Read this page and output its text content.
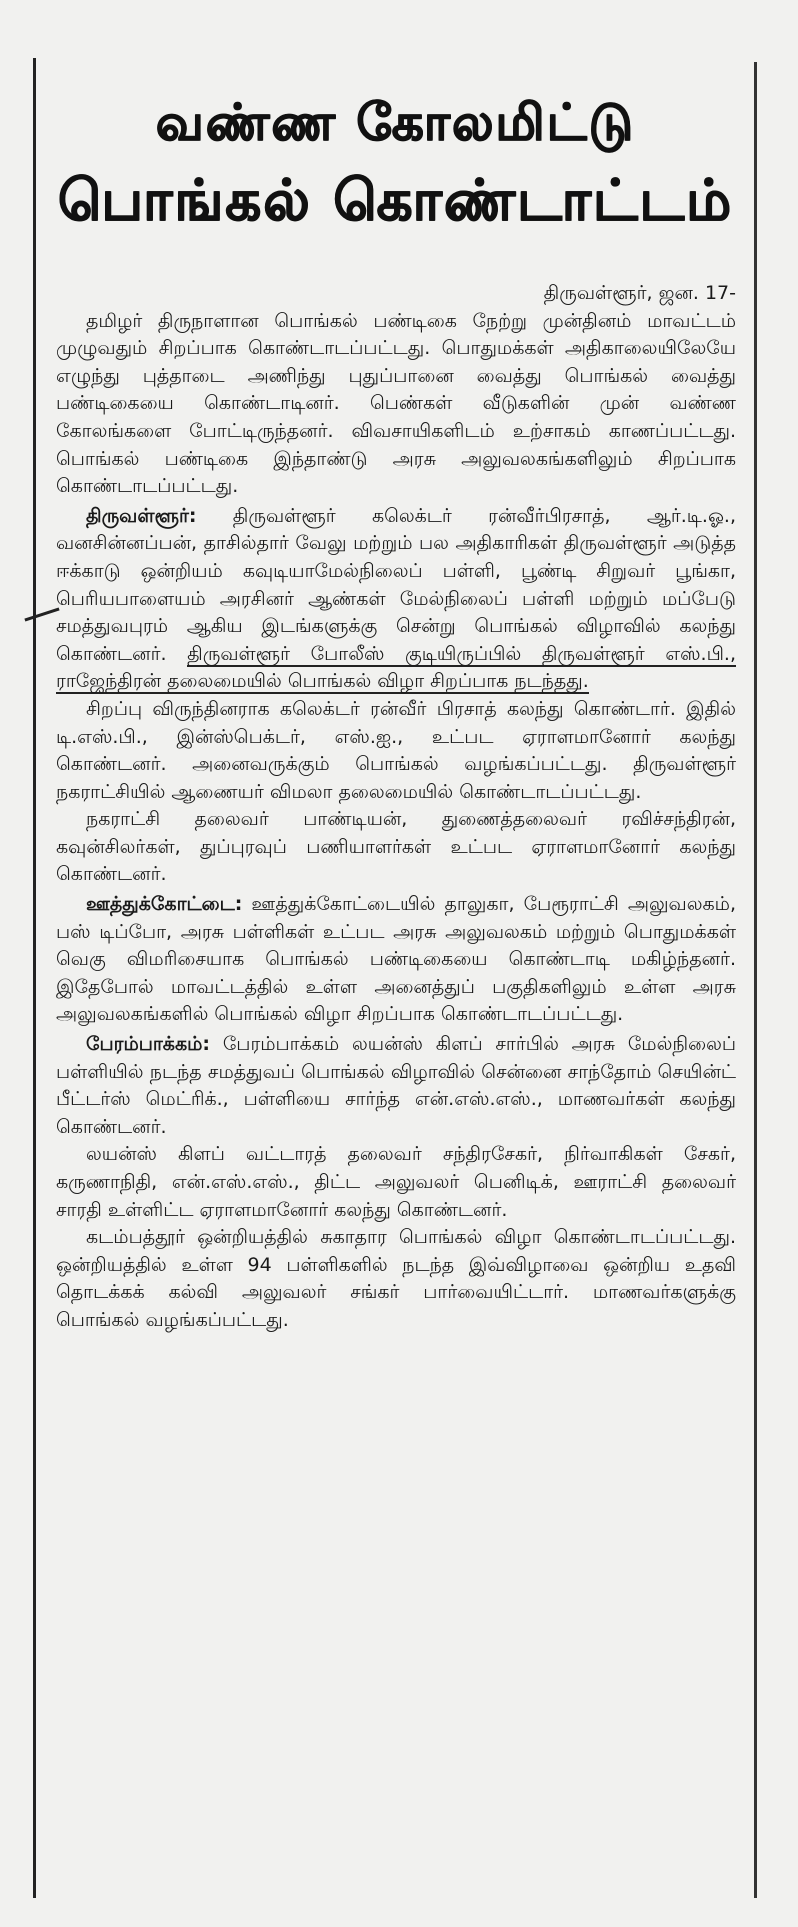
வண்ண கோலமிட்டு
பொங்கல் கொண்டாட்டம்

திருவள்ளூர், ஜன. 17-

தமிழர் திருநாளான பொங்கல் பண்டிகை நேற்று முன்தினம் மாவட்டம் முழுவதும் சிறப்பாக கொண்டாடப்பட்டது. பொதுமக்கள் அதிகாலையிலேயே எழுந்து புத்தாடை அணிந்து புதுப்பானை வைத்து பொங்கல் வைத்து பண்டிகையை கொண்டாடினர். பெண்கள் வீடுகளின் முன் வண்ண கோலங்களை போட்டிருந்தனர். விவசாயிகளிடம் உற்சாகம் காணப்பட்டது. பொங்கல் பண்டிகை இந்தாண்டு அரசு அலுவலகங்களிலும் சிறப்பாக கொண்டாடப்பட்டது.

திருவள்ளூர்: திருவள்ளூர் கலெக்டர் ரன்வீர்பிரசாத், ஆர்.டி.ஓ., வனசின்னப்பன், தாசில்தார் வேலு மற்றும் பல அதிகாரிகள் திருவள்ளூர் அடுத்த ஈக்காடு ஒன்றியம் கவுடியாமேல்நிலைப் பள்ளி, பூண்டி சிறுவர் பூங்கா, பெரியபாளையம் அரசினர் ஆண்கள் மேல்நிலைப் பள்ளி மற்றும் மப்பேடு சமத்துவபுரம் ஆகிய இடங்களுக்கு சென்று பொங்கல் விழாவில் கலந்து கொண்டனர். திருவள்ளூர் போலீஸ் குடியிருப்பில் திருவள்ளூர் எஸ்.பி., ராஜேந்திரன் தலைமையில் பொங்கல் விழா சிறப்பாக நடந்தது.

சிறப்பு விருந்தினராக கலெக்டர் ரன்வீர் பிரசாத் கலந்து கொண்டார். இதில் டி.எஸ்.பி., இன்ஸ்பெக்டர், எஸ்.ஐ., உட்பட ஏராளமானோர் கலந்து கொண்டனர். அனைவருக்கும் பொங்கல் வழங்கப்பட்டது. திருவள்ளூர் நகராட்சியில் ஆணையர் விமலா தலைமையில் கொண்டாடப்பட்டது.

நகராட்சி தலைவர் பாண்டியன், துணைத்தலைவர் ரவிச்சந்திரன், கவுன்சிலர்கள், துப்புரவுப் பணியாளர்கள் உட்பட ஏராளமானோர் கலந்து கொண்டனர்.

ஊத்துக்கோட்டை: ஊத்துக்கோட்டையில் தாலுகா, பேரூராட்சி அலுவலகம், பஸ் டிப்போ, அரசு பள்ளிகள் உட்பட அரசு அலுவலகம் மற்றும் பொதுமக்கள் வெகு விமரிசையாக பொங்கல் பண்டிகையை கொண்டாடி மகிழ்ந்தனர். இதேபோல் மாவட்டத்தில் உள்ள அனைத்துப் பகுதிகளிலும் உள்ள அரசு அலுவலகங்களில் பொங்கல் விழா சிறப்பாக கொண்டாடப்பட்டது.

பேரம்பாக்கம்: பேரம்பாக்கம் லயன்ஸ் கிளப் சார்பில் அரசு மேல்நிலைப் பள்ளியில் நடந்த சமத்துவப் பொங்கல் விழாவில் சென்னை சாந்தோம் செயின்ட் பீட்டர்ஸ் மெட்ரிக்., பள்ளியை சார்ந்த என்.எஸ்.எஸ்., மாணவர்கள் கலந்து கொண்டனர்.

லயன்ஸ் கிளப் வட்டாரத் தலைவர் சந்திரசேகர், நிர்வாகிகள் சேகர், கருணாநிதி, என்.எஸ்.எஸ்., திட்ட அலுவலர் பெனிடிக், ஊராட்சி தலைவர் சாரதி உள்ளிட்ட ஏராளமானோர் கலந்து கொண்டனர்.

கடம்பத்தூர் ஒன்றியத்தில் சுகாதார பொங்கல் விழா கொண்டாடப்பட்டது. ஒன்றியத்தில் உள்ள 94 பள்ளிகளில் நடந்த இவ்விழாவை ஒன்றிய உதவி தொடக்கக் கல்வி அலுவலர் சங்கர் பார்வையிட்டார். மாணவர்களுக்கு பொங்கல் வழங்கப்பட்டது.
